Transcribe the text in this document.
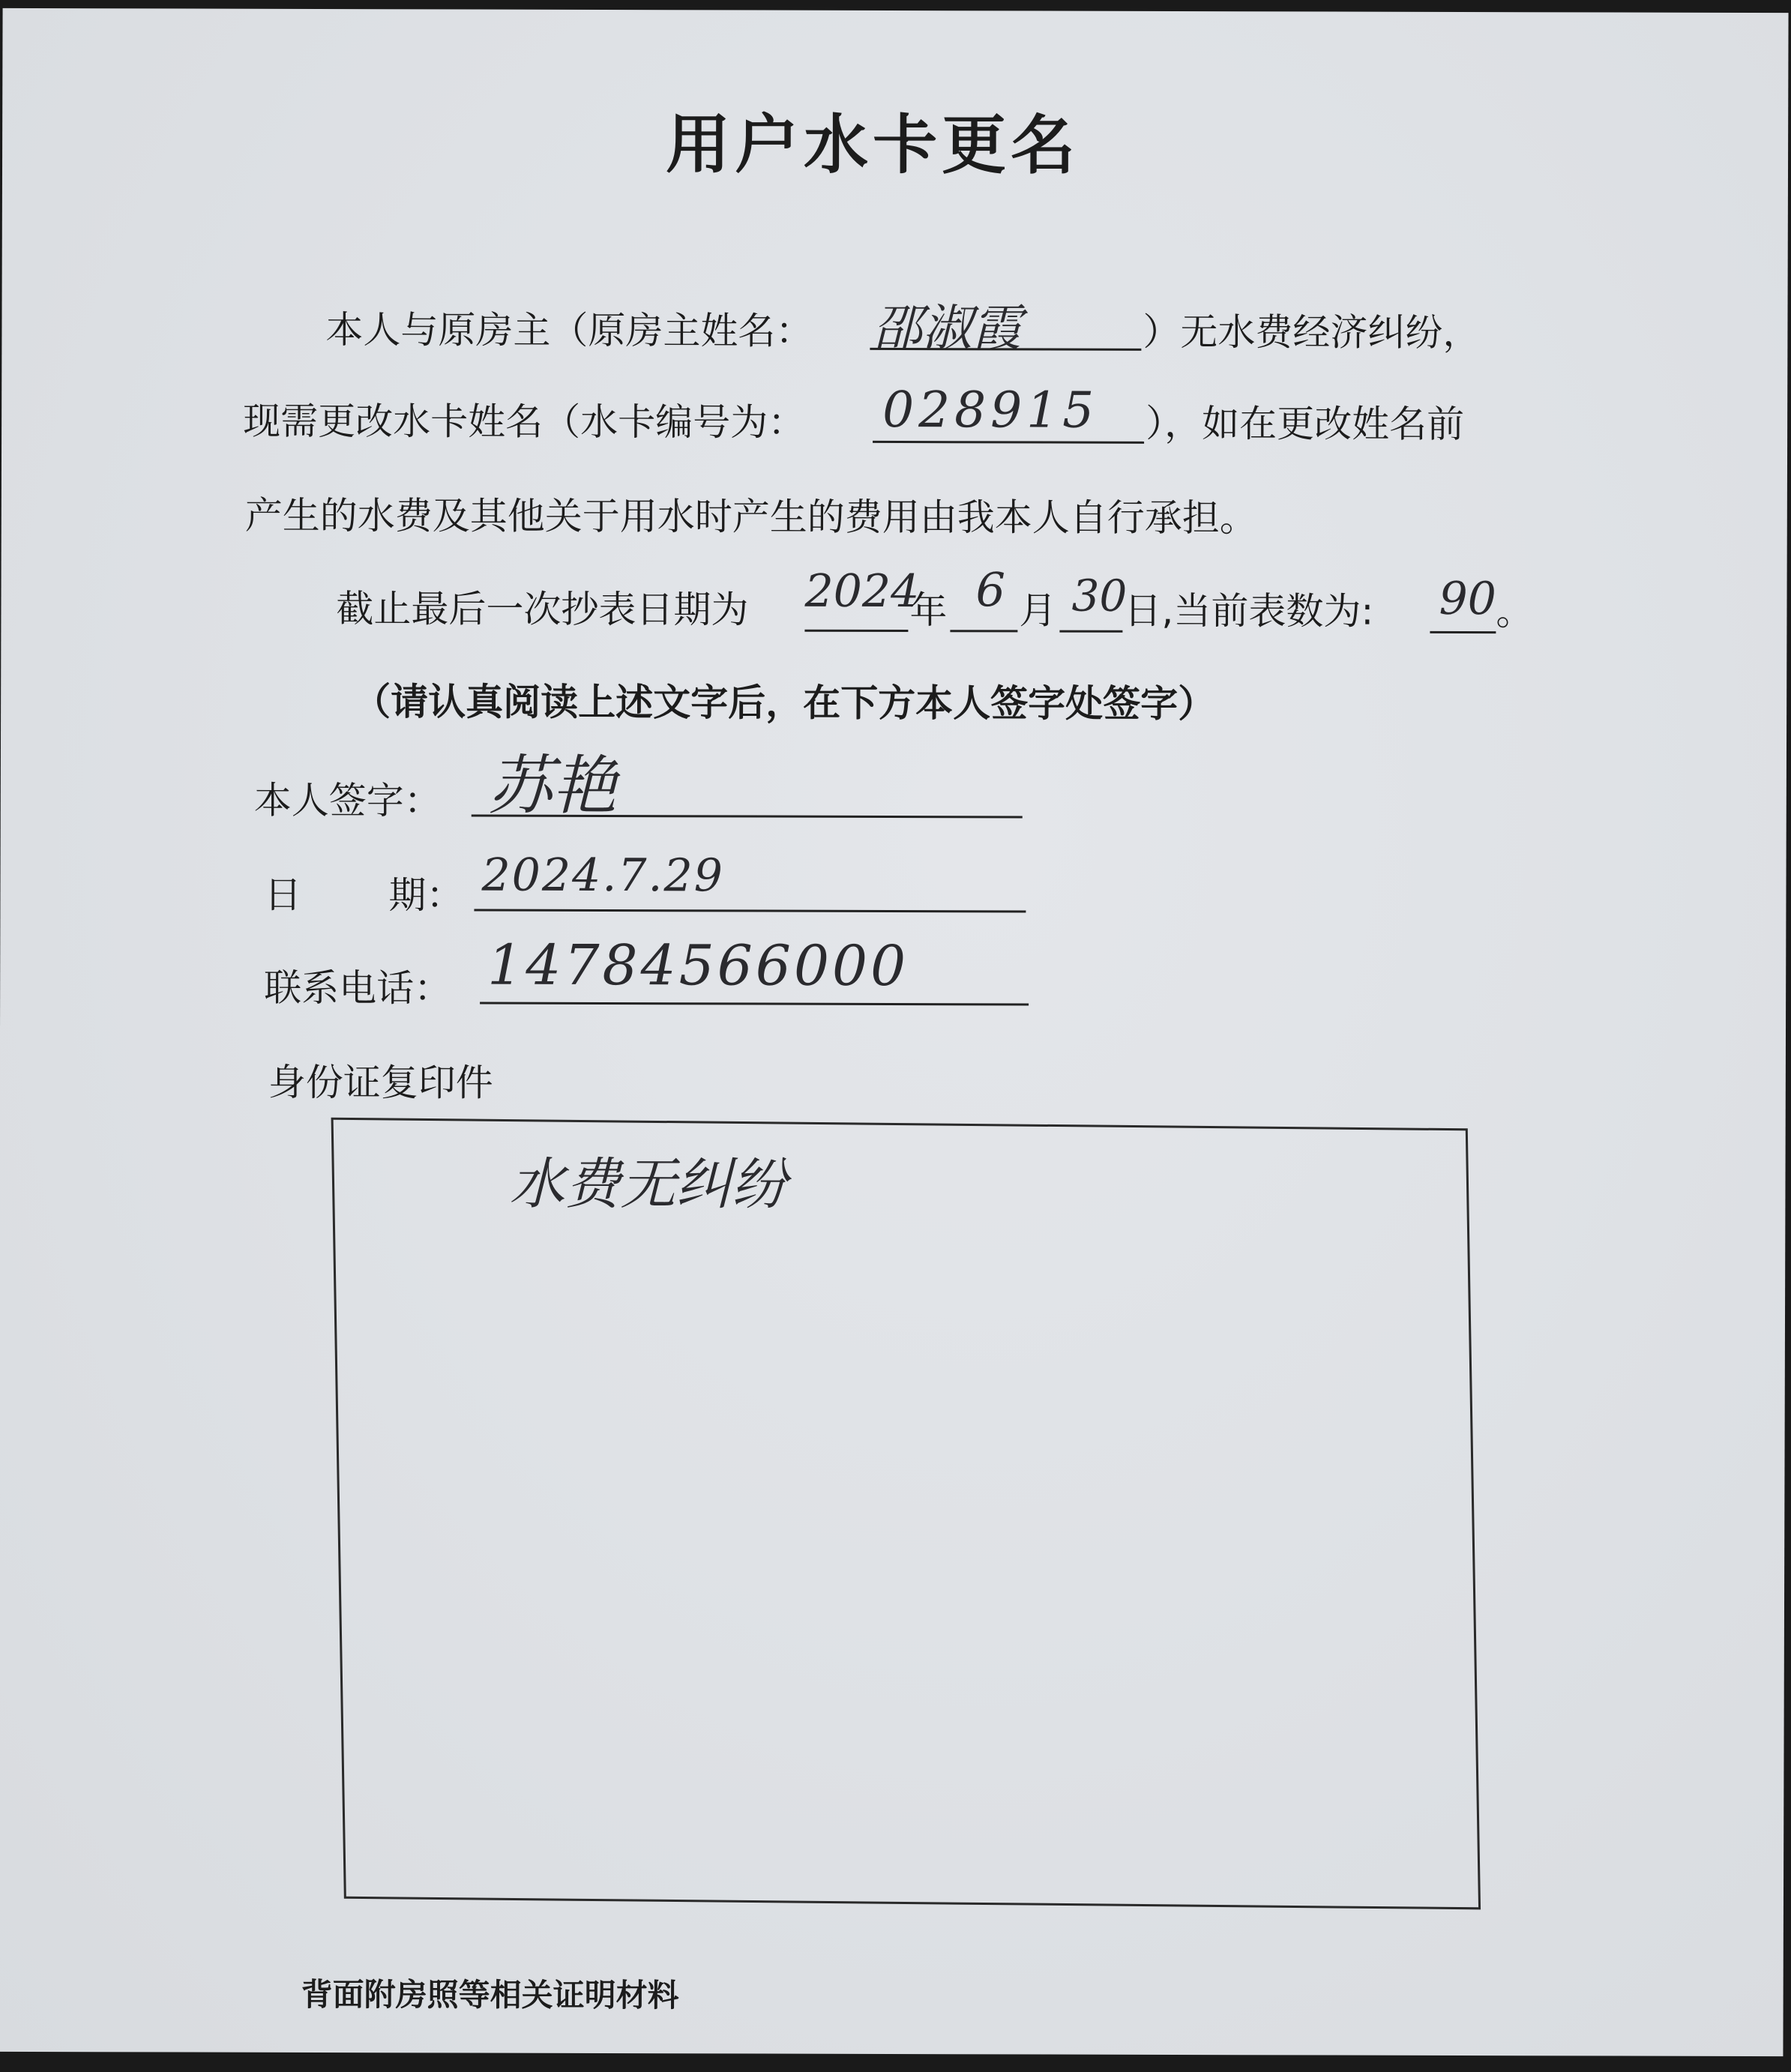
用户水卡更名
本人与原房主（原房主姓名： 邵淑霞	）无水费经济纠纷，
现需更改水卡姓名（水卡编号为： 028915 ），如在更改姓名前
产生的水费及其他关于用水时产生的费用由我本人自行承担。
截止最后一次抄表日期为 2024
年 6 月 30
日,当前表数为: 90 。
（请认真阅读上述文字后，在下方本人签字处签字）
本人签字： 苏艳
日 期： 2024.7.29
联系电话： 14784566000
身份证复印件
水费无纠纷
背面附房照等相关证明材料
